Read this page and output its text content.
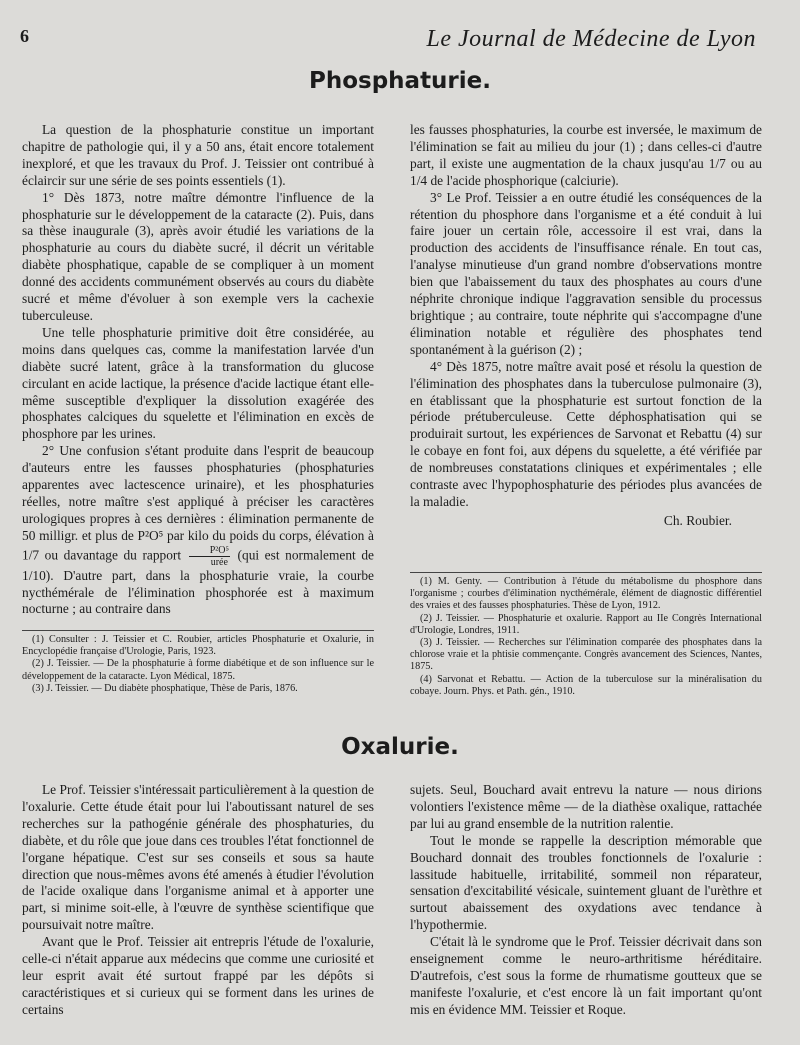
6	Le Journal de Médecine de Lyon
Phosphaturie.

La question de la phosphaturie constitue un important chapitre de pathologie qui, il y a 50 ans, était encore totalement inexploré, et que les travaux du Prof. J. Teissier ont contribué à éclaircir sur une série de ses points essentiels (1).

1° Dès 1873, notre maître démontre l'influence de la phosphaturie sur le développement de la cataracte (2). Puis, dans sa thèse inaugurale (3), après avoir étudié les variations de la phosphaturie au cours du diabète sucré, il décrit un véritable diabète phosphatique, capable de se compliquer à un moment donné des accidents communément observés au cours du diabète sucré et même d'évoluer à son exemple vers la cachexie tuberculeuse.

Une telle phosphaturie primitive doit être considérée, au moins dans quelques cas, comme la manifestation larvée d'un diabète sucré latent, grâce à la transformation du glucose circulant en acide lactique, la présence d'acide lactique étant elle-même susceptible d'expliquer la dissolution exagérée des phosphates calciques du squelette et l'élimination en excès de phosphore par les urines.

2° Une confusion s'étant produite dans l'esprit de beaucoup d'auteurs entre les fausses phosphaturies (phosphaturies apparentes avec lactescence urinaire), et les phosphaturies réelles, notre maître s'est appliqué à préciser les caractères urologiques propres à ces dernières : élimination permanente de 50 milligr. et plus de P²O⁵ par kilo du poids du corps, élévation à 1/7 ou davantage du rapport $\frac{\text{P²O⁵}}{\text{urée}} (qui$ est normalement de 1/10). D'autre part, dans la phosphaturie vraie, la courbe nycthémérale de l'élimination phosphorée est à maximum nocturne ; au contraire dans

(1) Consulter : J. Teissier et C. Roubier, articles Phosphaturie et Oxalurie, in Encyclopédie française d'Urologie, Paris, 1923.

(2) J. Teissier. — De la phosphaturie à forme diabétique et de son influence sur le développement de la cataracte. Lyon Médical, 1875.

(3) J. Teissier. — Du diabète phosphatique, Thèse de Paris, 1876.

les fausses phosphaturies, la courbe est inversée, le maximum de l'élimination se fait au milieu du jour (1) ; dans celles-ci d'autre part, il existe une augmentation de la chaux jusqu'au 1/7 ou au 1/4 de l'acide phosphorique (calciurie).

3° Le Prof. Teissier a en outre étudié les conséquences de la rétention du phosphore dans l'organisme et a été conduit à lui faire jouer un certain rôle, accessoire il est vrai, dans la production des accidents de l'insuffisance rénale. En tout cas, l'analyse minutieuse d'un grand nombre d'observations montre bien que l'abaissement du taux des phosphates au cours d'une néphrite chronique indique l'aggravation sensible du processus brightique ; au contraire, toute néphrite qui s'accompagne d'une élimination notable et régulière des phosphates tend spontanément à la guérison (2) ;

4° Dès 1875, notre maître avait posé et résolu la question de l'élimination des phosphates dans la tuberculose pulmonaire (3), en établissant que la phosphaturie est surtout fonction de la période prétuberculeuse. Cette déphosphatisation qui se produirait surtout, les expériences de Sarvonat et Rebattu (4) sur le cobaye en font foi, aux dépens du squelette, a été vérifiée par de nombreuses constatations cliniques et expérimentales ; elle contraste avec l'hypophosphaturie des périodes plus avancées de la maladie.

Ch. Roubier.

(1) M. Genty. — Contribution à l'étude du métabolisme du phosphore dans l'organisme ; courbes d'élimination nycthémérale, élément de diagnostic différentiel des vraies et des fausses phosphaturies. Thèse de Lyon, 1912.

(2) J. Teissier. — Phosphaturie et oxalurie. Rapport au IIe Congrès International d'Urologie, Londres, 1911.

(3) J. Teissier. — Recherches sur l'élimination comparée des phosphates dans la chlorose vraie et la phtisie commençante. Congrès avancement des Sciences, Nantes, 1875.

(4) Sarvonat et Rebattu. — Action de la tuberculose sur la minéralisation du cobaye. Journ. Phys. et Path. gén., 1910.

Oxalurie.

Le Prof. Teissier s'intéressait particulièrement à la question de l'oxalurie. Cette étude était pour lui l'aboutissant naturel de ses recherches sur la pathogénie générale des phosphaturies, du diabète, et du rôle que joue dans ces troubles l'état fonctionnel de l'organe hépatique. C'est sur ses conseils et sous sa haute direction que nous-mêmes avons été amenés à étudier l'évolution de l'acide oxalique dans l'organisme animal et à apporter une part, si minime soit-elle, à l'œuvre de synthèse scientifique que poursuivait notre maître.

Avant que le Prof. Teissier ait entrepris l'étude de l'oxalurie, celle-ci n'était apparue aux médecins que comme une curiosité et leur esprit avait été surtout frappé par les dépôts si caractéristiques et si curieux qui se forment dans les urines de certains

sujets. Seul, Bouchard avait entrevu la nature — nous dirions volontiers l'existence même — de la diathèse oxalique, rattachée par lui au grand ensemble de la nutrition ralentie.

Tout le monde se rappelle la description mémorable que Bouchard donnait des troubles fonctionnels de l'oxalurie : lassitude habituelle, irritabilité, sommeil non réparateur, sensation d'excitabilité vésicale, suintement gluant de l'urèthre et surtout abaissement des oxydations avec tendance à l'hypothermie.

C'était là le syndrome que le Prof. Teissier décrivait dans son enseignement comme le neuro-arthritisme héréditaire. D'autrefois, c'est sous la forme de rhumatisme goutteux que se manifeste l'oxalurie, et c'est encore là un fait important qu'ont mis en évidence MM. Teissier et Roque.
